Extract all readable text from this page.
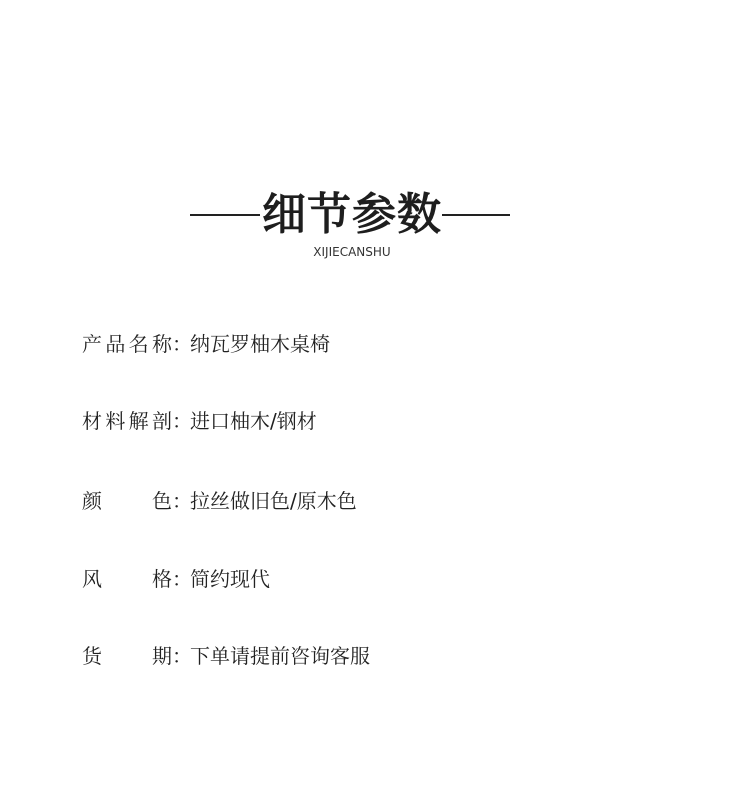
细节参数
XIJIECANSHU
产品名称：纳瓦罗柚木桌椅
材料解剖：进口柚木/钢材
颜色：拉丝做旧色/原木色
风格：简约现代
货期：下单请提前咨询客服
